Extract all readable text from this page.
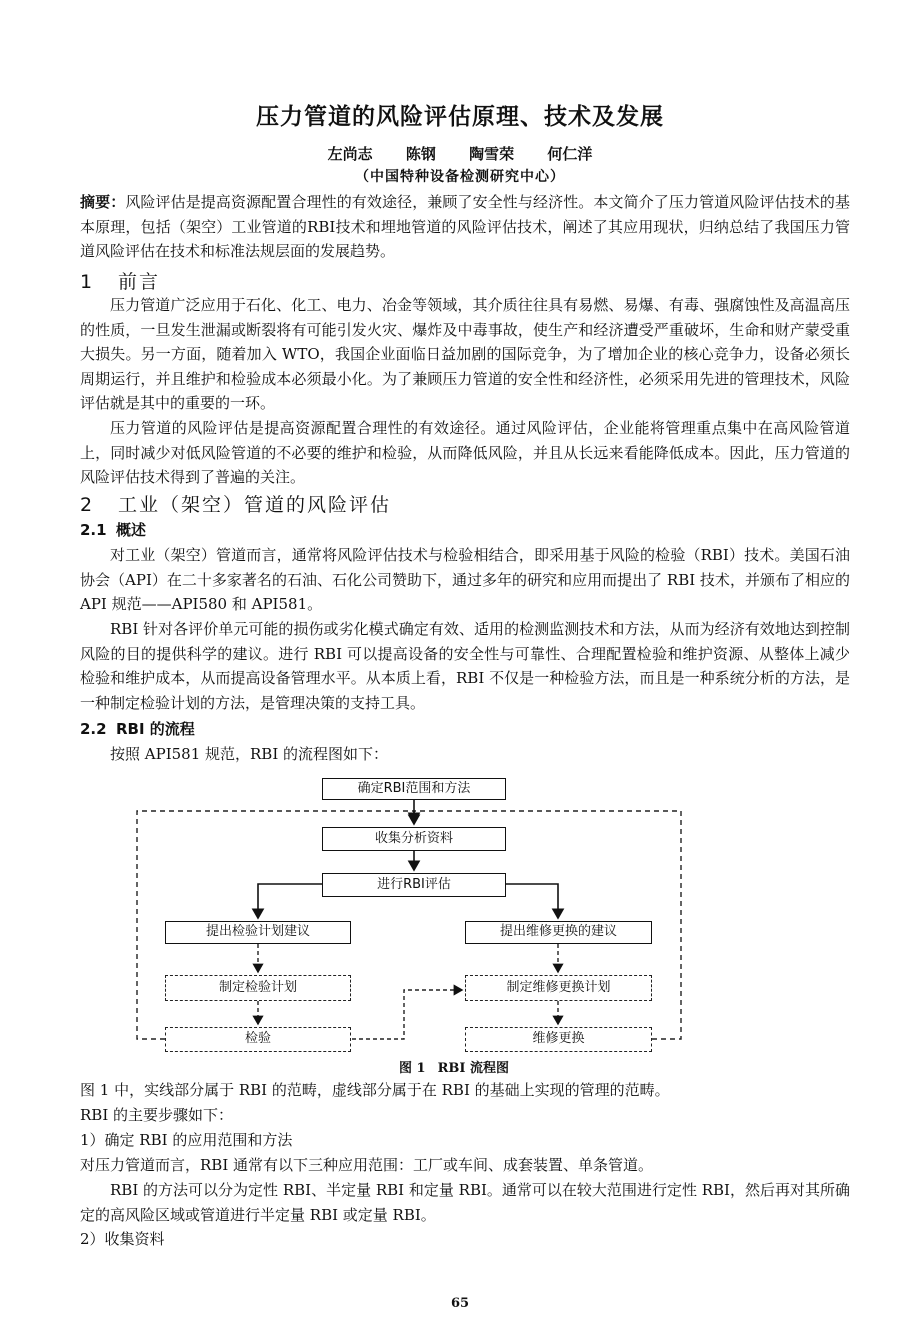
压力管道的风险评估原理、技术及发展
左尚志 陈钢 陶雪荣 何仁洋
（中国特种设备检测研究中心）
摘要：风险评估是提高资源配置合理性的有效途径，兼顾了安全性与经济性。本文简介了压力管道风险评估技术的基本原理，包括（架空）工业管道的RBI技术和埋地管道的风险评估技术，阐述了其应用现状，归纳总结了我国压力管道风险评估在技术和标准法规层面的发展趋势。
1 前言
压力管道广泛应用于石化、化工、电力、冶金等领域，其介质往往具有易燃、易爆、有毒、强腐蚀性及高温高压的性质，一旦发生泄漏或断裂将有可能引发火灾、爆炸及中毒事故，使生产和经济遭受严重破坏，生命和财产蒙受重大损失。另一方面，随着加入 WTO，我国企业面临日益加剧的国际竞争，为了增加企业的核心竞争力，设备必须长周期运行，并且维护和检验成本必须最小化。为了兼顾压力管道的安全性和经济性，必须采用先进的管理技术，风险评估就是其中的重要的一环。
压力管道的风险评估是提高资源配置合理性的有效途径。通过风险评估，企业能将管理重点集中在高风险管道上，同时减少对低风险管道的不必要的维护和检验，从而降低风险，并且从长远来看能降低成本。因此，压力管道的风险评估技术得到了普遍的关注。
2 工业（架空）管道的风险评估
2.1 概述
对工业（架空）管道而言，通常将风险评估技术与检验相结合，即采用基于风险的检验（RBI）技术。美国石油协会（API）在二十多家著名的石油、石化公司赞助下，通过多年的研究和应用而提出了 RBI 技术，并颁布了相应的 API 规范——API580 和 API581。
RBI 针对各评价单元可能的损伤或劣化模式确定有效、适用的检测监测技术和方法，从而为经济有效地达到控制风险的目的提供科学的建议。进行 RBI 可以提高设备的安全性与可靠性、合理配置检验和维护资源、从整体上减少检验和维护成本，从而提高设备管理水平。从本质上看，RBI 不仅是一种检验方法，而且是一种系统分析的方法，是一种制定检验计划的方法，是管理决策的支持工具。
2.2 RBI 的流程
按照 API581 规范，RBI 的流程图如下：
确定RBI范围和方法
收集分析资料
进行RBI评估
提出检验计划建议	提出维修更换的建议
制定检验计划	制定维修更换计划
检验	维修更换
图 1 RBI 流程图
图 1 中，实线部分属于 RBI 的范畴，虚线部分属于在 RBI 的基础上实现的管理的范畴。
RBI 的主要步骤如下：
1）确定 RBI 的应用范围和方法
对压力管道而言，RBI 通常有以下三种应用范围：工厂或车间、成套装置、单条管道。
RBI 的方法可以分为定性 RBI、半定量 RBI 和定量 RBI。通常可以在较大范围进行定性 RBI，然后再对其所确定的高风险区域或管道进行半定量 RBI 或定量 RBI。
2）收集资料
65
